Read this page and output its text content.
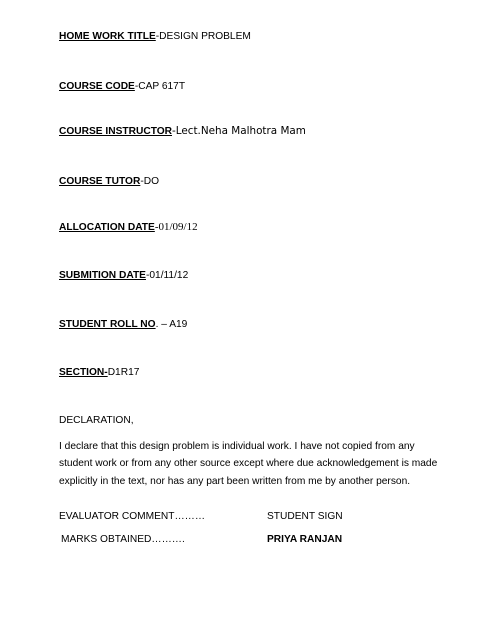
HOME WORK TITLE-DESIGN PROBLEM
COURSE CODE-CAP 617T
COURSE INSTRUCTOR-Lect.Neha Malhotra Mam
COURSE TUTOR-DO
ALLOCATION DATE-01/09/12
SUBMITION DATE-01/11/12
STUDENT ROLL NO. – A19
SECTION-D1R17
DECLARATION,
I declare that this design problem is individual work. I have not copied from any student work or from any other source except where due acknowledgement is made explicitly in the text, nor has any part been written from me by another person.
EVALUATOR COMMENT………	STUDENT SIGN
MARKS OBTAINED……….	PRIYA RANJAN
